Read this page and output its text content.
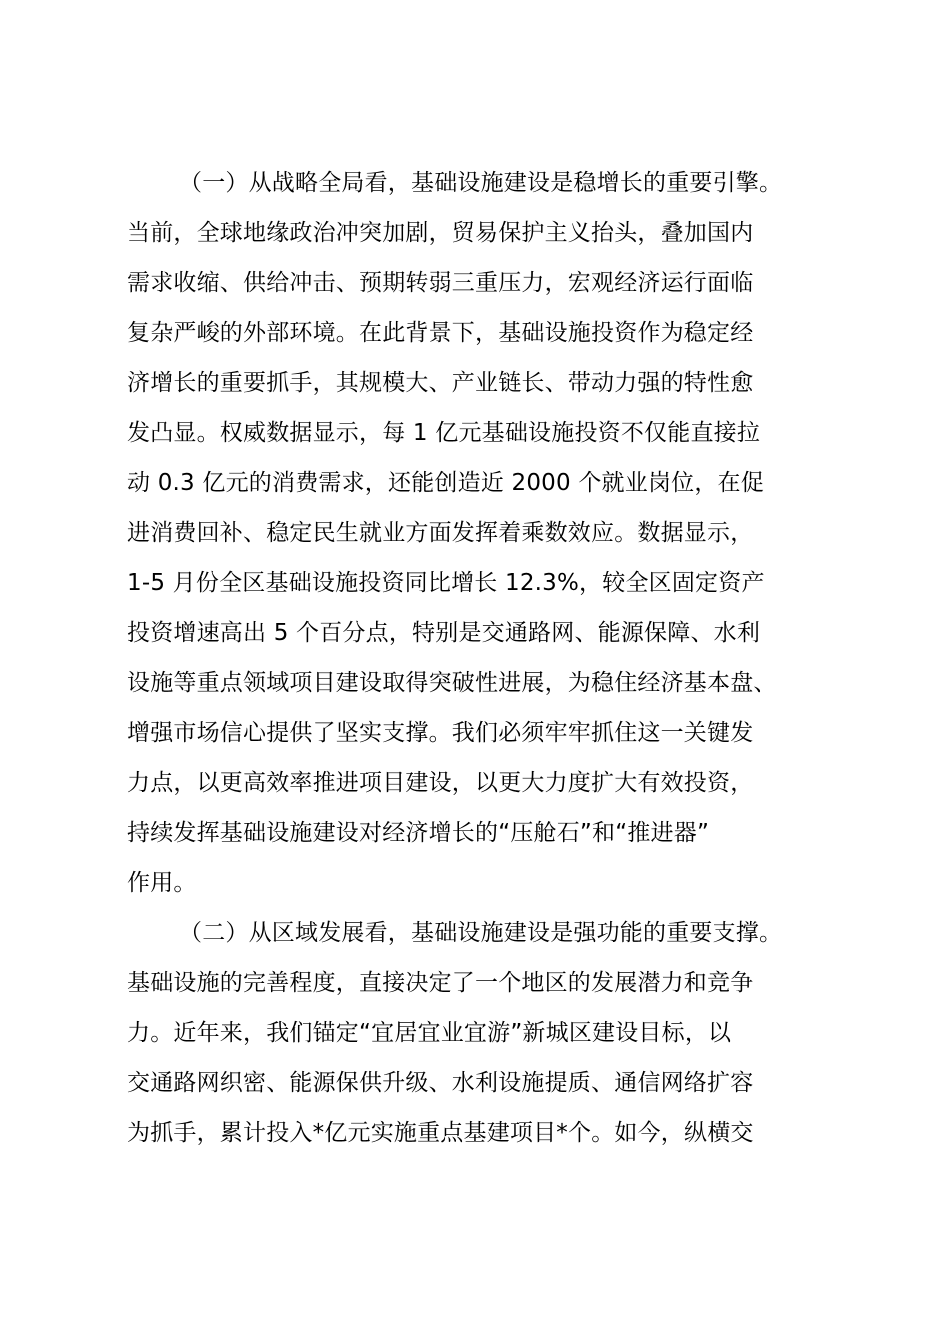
（一）从战略全局看，基础设施建设是稳增长的重要引擎。
当前，全球地缘政治冲突加剧，贸易保护主义抬头，叠加国内
需求收缩、供给冲击、预期转弱三重压力，宏观经济运行面临
复杂严峻的外部环境。在此背景下，基础设施投资作为稳定经
济增长的重要抓手，其规模大、产业链长、带动力强的特性愈
发凸显。权威数据显示，每 1 亿元基础设施投资不仅能直接拉
动 0.3 亿元的消费需求，还能创造近 2000 个就业岗位，在促
进消费回补、稳定民生就业方面发挥着乘数效应。数据显示，
1-5 月份全区基础设施投资同比增长 12.3%，较全区固定资产
投资增速高出 5 个百分点，特别是交通路网、能源保障、水利
设施等重点领域项目建设取得突破性进展，为稳住经济基本盘、
增强市场信心提供了坚实支撑。我们必须牢牢抓住这一关键发
力点，以更高效率推进项目建设，以更大力度扩大有效投资，
持续发挥基础设施建设对经济增长的“压舱石”和“推进器”
作用。
（二）从区域发展看，基础设施建设是强功能的重要支撑。
基础设施的完善程度，直接决定了一个地区的发展潜力和竞争
力。近年来，我们锚定“宜居宜业宜游”新城区建设目标，以
交通路网织密、能源保供升级、水利设施提质、通信网络扩容
为抓手，累计投入*亿元实施重点基建项目*个。如今，纵横交
